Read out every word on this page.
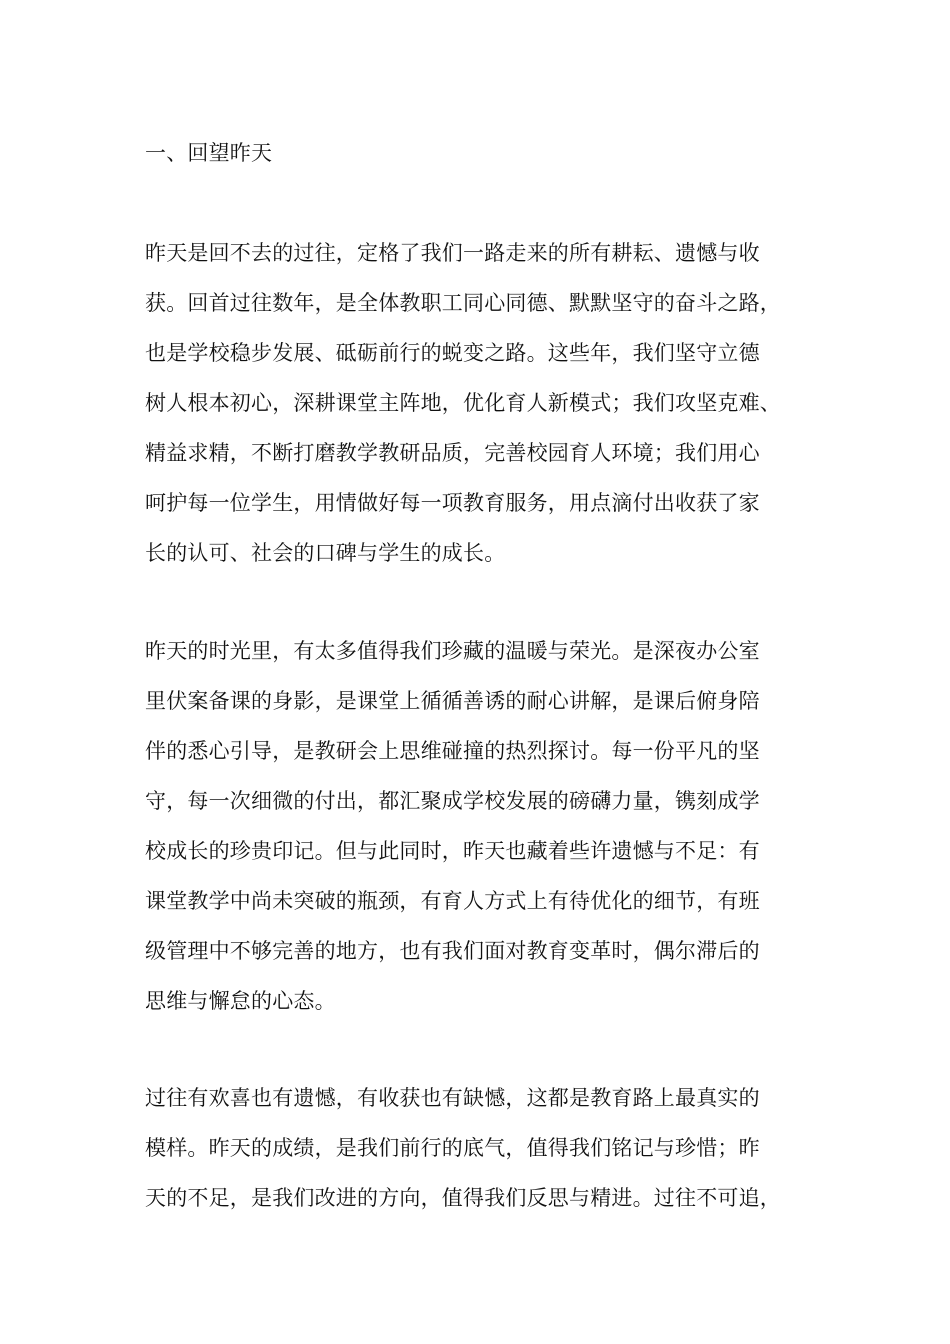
一、回望昨天
昨天是回不去的过往，定格了我们一路走来的所有耕耘、遗憾与收
获。回首过往数年，是全体教职工同心同德、默默坚守的奋斗之路，
也是学校稳步发展、砥砺前行的蜕变之路。这些年，我们坚守立德
树人根本初心，深耕课堂主阵地，优化育人新模式；我们攻坚克难、
精益求精，不断打磨教学教研品质，完善校园育人环境；我们用心
呵护每一位学生，用情做好每一项教育服务，用点滴付出收获了家
长的认可、社会的口碑与学生的成长。
昨天的时光里，有太多值得我们珍藏的温暖与荣光。是深夜办公室
里伏案备课的身影，是课堂上循循善诱的耐心讲解，是课后俯身陪
伴的悉心引导，是教研会上思维碰撞的热烈探讨。每一份平凡的坚
守，每一次细微的付出，都汇聚成学校发展的磅礴力量，镌刻成学
校成长的珍贵印记。但与此同时，昨天也藏着些许遗憾与不足：有
课堂教学中尚未突破的瓶颈，有育人方式上有待优化的细节，有班
级管理中不够完善的地方，也有我们面对教育变革时，偶尔滞后的
思维与懈怠的心态。
过往有欢喜也有遗憾，有收获也有缺憾，这都是教育路上最真实的
模样。昨天的成绩，是我们前行的底气，值得我们铭记与珍惜；昨
天的不足，是我们改进的方向，值得我们反思与精进。过往不可追，
